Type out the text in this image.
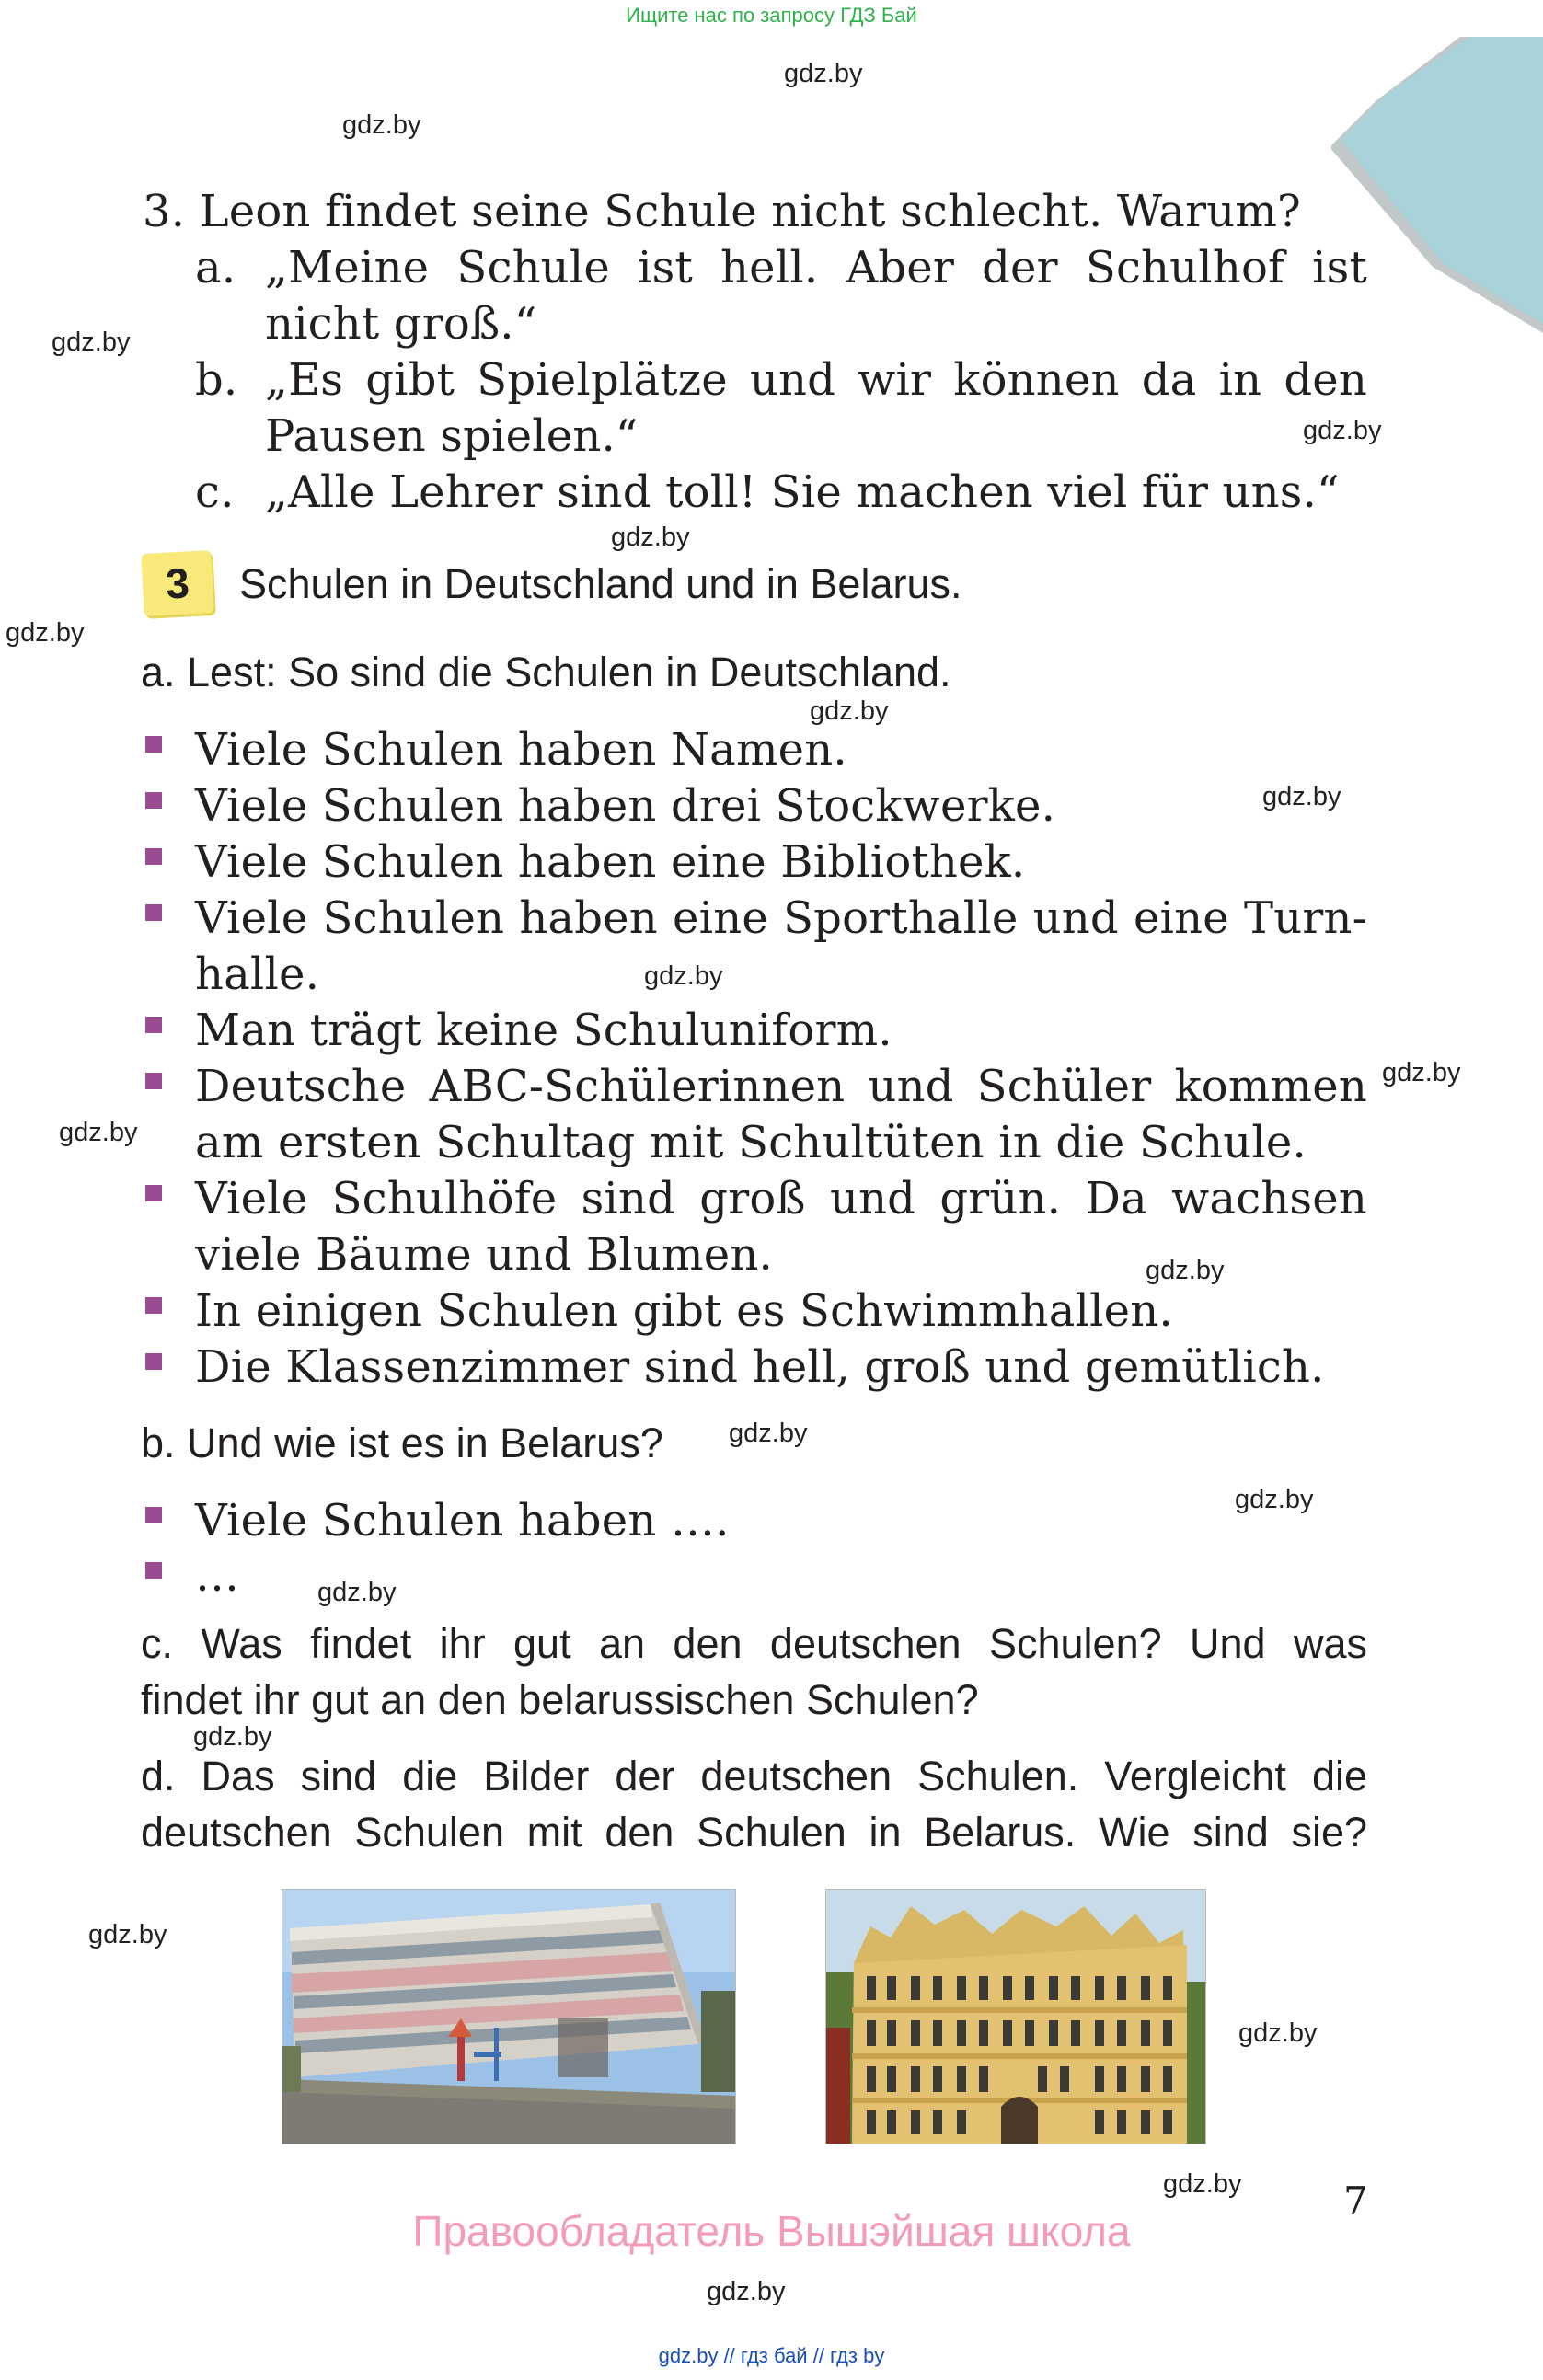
Ищите нас по запросу ГДЗ Бай
gdz.by
gdz.by
gdz.by
gdz.by
gdz.by
gdz.by
gdz.by
gdz.by
gdz.by
gdz.by
gdz.by
gdz.by
gdz.by
gdz.by
gdz.by
gdz.by
gdz.by
gdz.by
gdz.by
gdz.by
3. Leon findet seine Schule nicht schlecht. Warum?
a. „Meine Schule ist hell. Aber der Schulhof ist
nicht groß.“
b. „Es gibt Spielplätze und wir können da in den
Pausen spielen.“
c. „Alle Lehrer sind toll! Sie machen viel für uns.“
3	Schulen in Deutschland und in Belarus.
a. Lest: So sind die Schulen in Deutschland.
Viele Schulen haben Namen.
Viele Schulen haben drei Stockwerke.
Viele Schulen haben eine Bibliothek.
Viele Schulen haben eine Sporthalle und eine Turn-
halle.
Man trägt keine Schuluniform.
Deutsche ABC-Schülerinnen und Schüler kommen
am ersten Schultag mit Schultüten in die Schule.
Viele Schulhöfe sind groß und grün. Da wachsen
viele Bäume und Blumen.
In einigen Schulen gibt es Schwimmhallen.
Die Klassenzimmer sind hell, groß und gemütlich.
b. Und wie ist es in Belarus?
Viele Schulen haben ….
…
c. Was findet ihr gut an den deutschen Schulen? Und was
findet ihr gut an den belarussischen Schulen?
d. Das sind die Bilder der deutschen Schulen. Vergleicht die
deutschen Schulen mit den Schulen in Belarus. Wie sind sie?
7
Правообладатель Вышэйшая школа
gdz.by // гдз бай // гдз by
